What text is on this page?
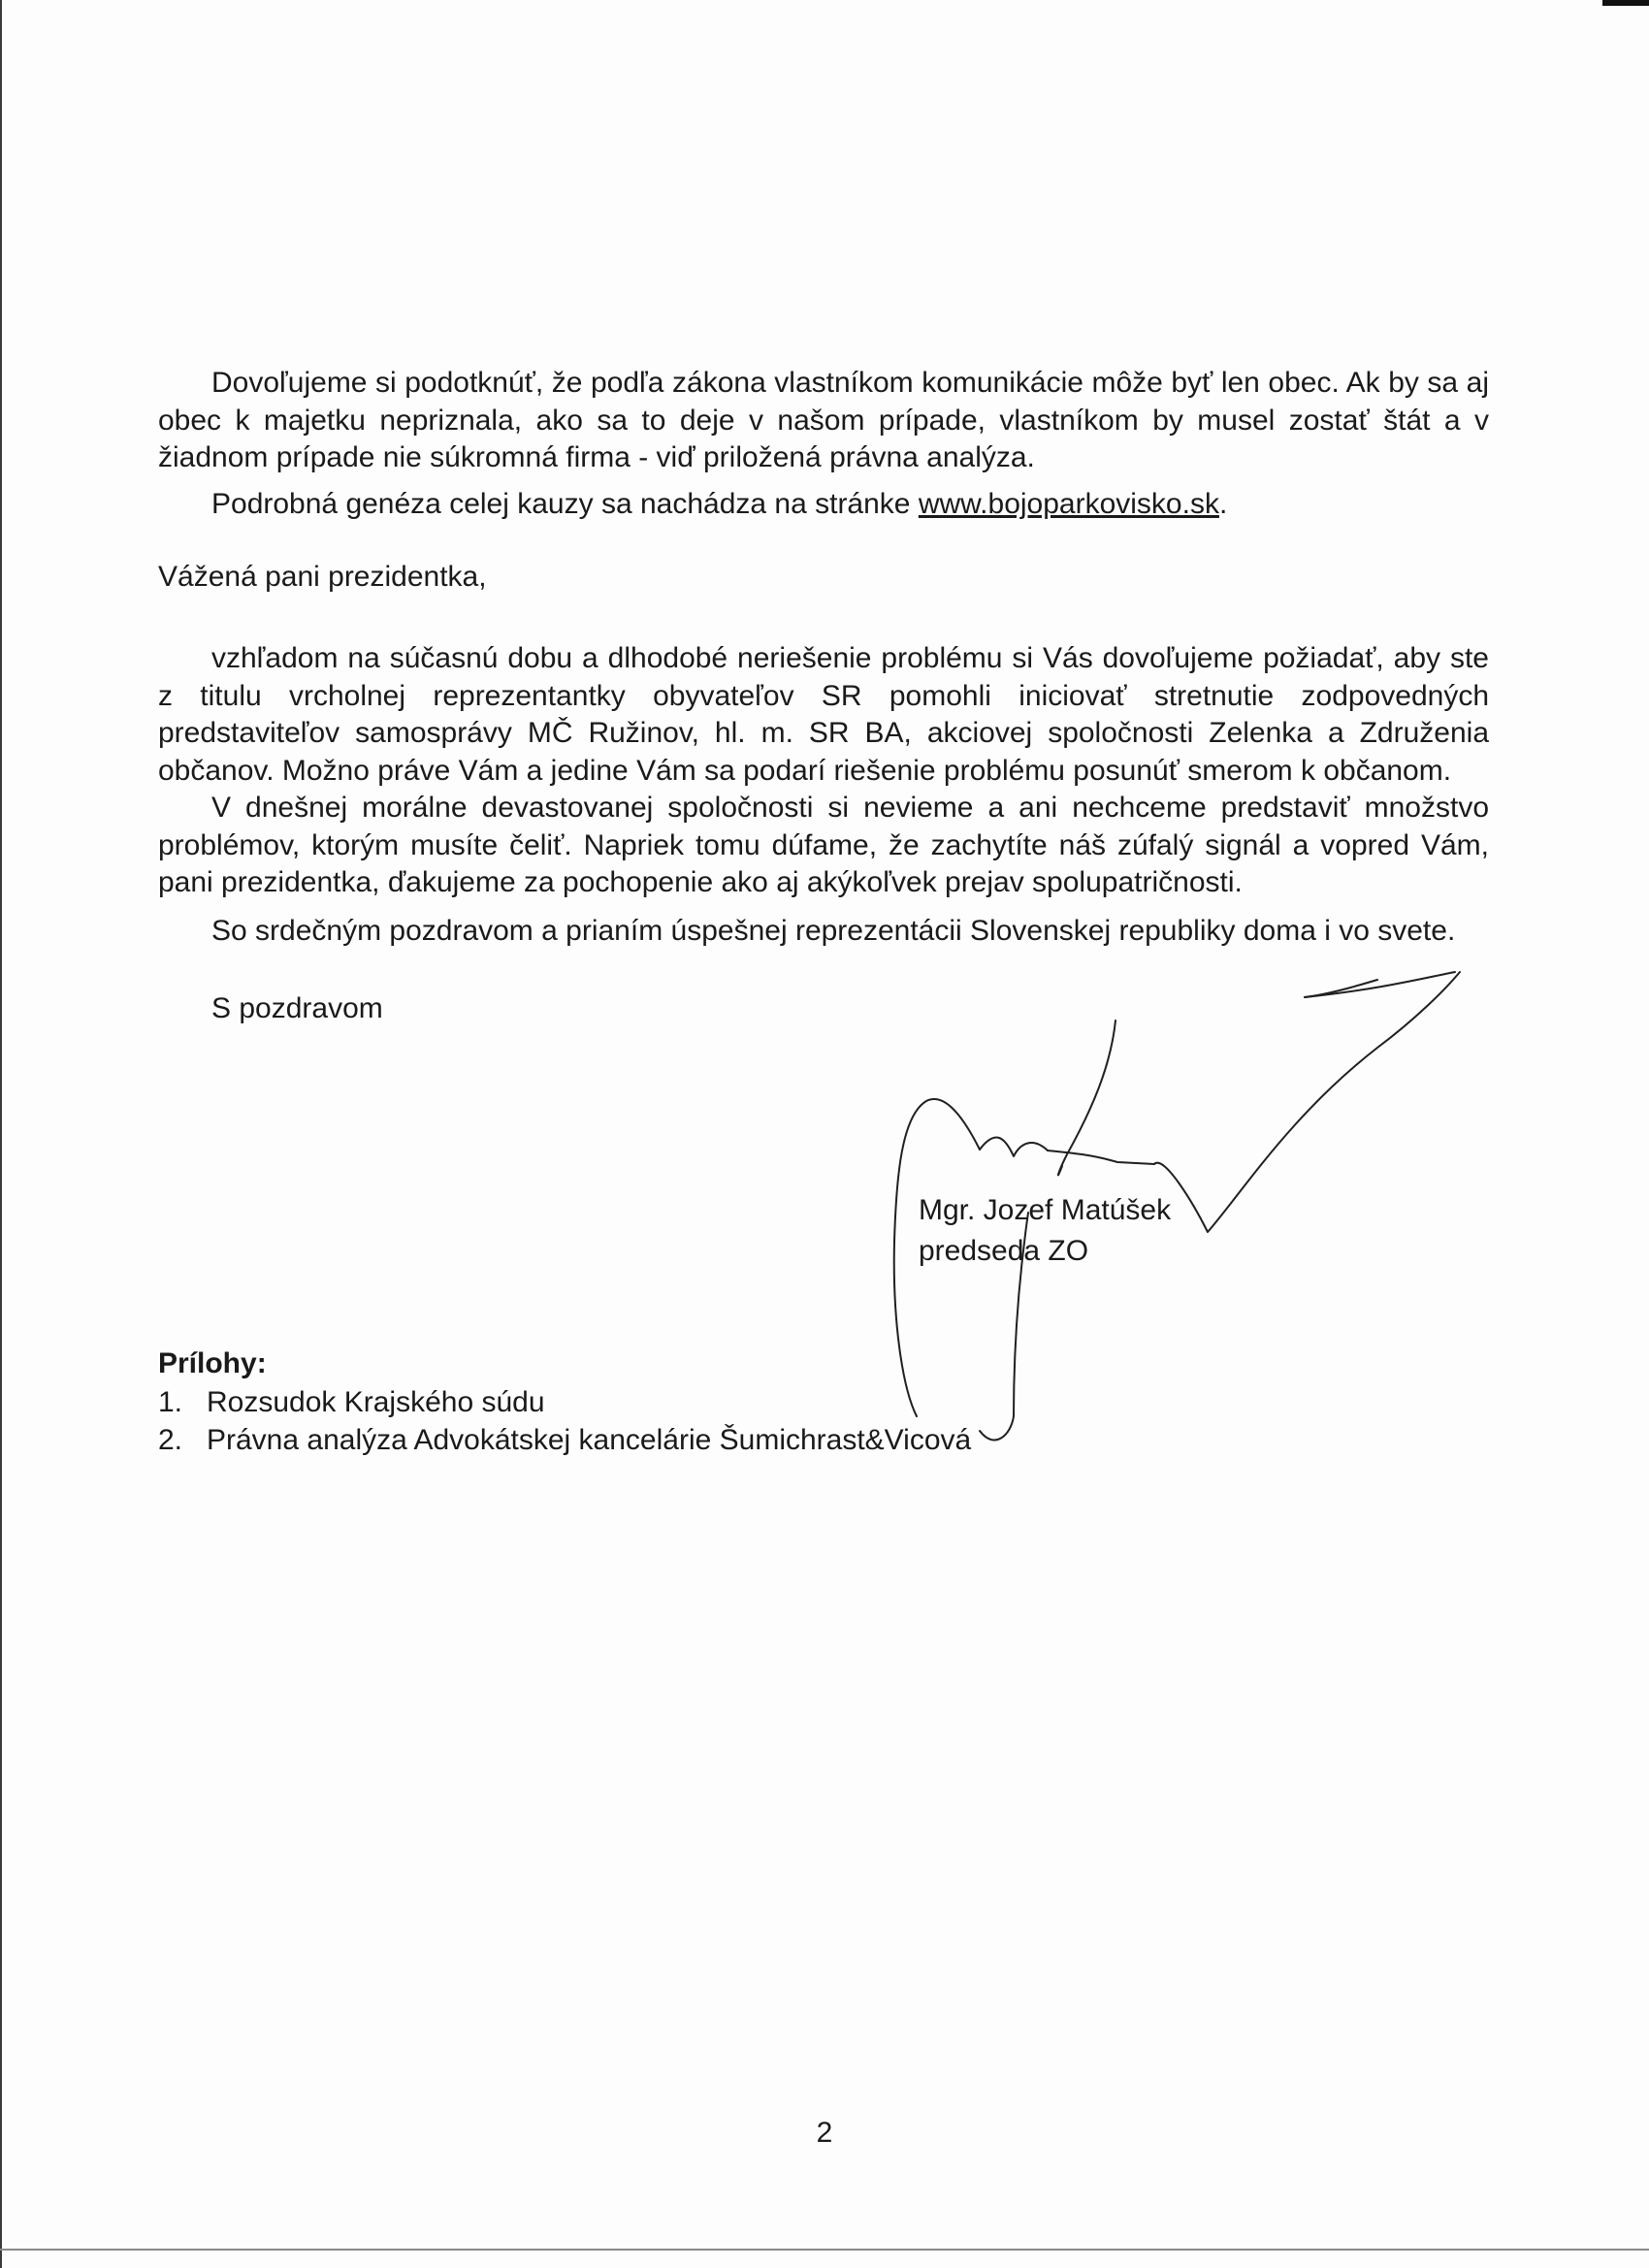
Dovoľujeme si podotknúť, že podľa zákona vlastníkom komunikácie môže byť len obec. Ak by sa aj obec k majetku nepriznala, ako sa to deje v našom prípade, vlastníkom by musel zostať štát a v žiadnom prípade nie súkromná firma - viď priložená právna analýza.

Podrobná genéza celej kauzy sa nachádza na stránke www.bojoparkovisko.sk.

Vážená pani prezidentka,

vzhľadom na súčasnú dobu a dlhodobé neriešenie problému si Vás dovoľujeme požiadať, aby ste z titulu vrcholnej reprezentantky obyvateľov SR pomohli iniciovať stretnutie zodpovedných predstaviteľov samosprávy MČ Ružinov, hl. m. SR BA, akciovej spoločnosti Zelenka a Združenia občanov. Možno práve Vám a jedine Vám sa podarí riešenie problému posunúť smerom k občanom.

V dnešnej morálne devastovanej spoločnosti si nevieme a ani nechceme predstaviť množstvo problémov, ktorým musíte čeliť. Napriek tomu dúfame, že zachytíte náš zúfalý signál a vopred Vám, pani prezidentka, ďakujeme za pochopenie ako aj akýkoľvek prejav spolupatričnosti.

So srdečným pozdravom a prianím úspešnej reprezentácii Slovenskej republiky doma i vo svete.

S pozdravom

Mgr. Jozef Matúšek
predseda ZO
Prílohy:
1. Rozsudok Krajského súdu
2. Právna analýza Advokátskej kancelárie Šumichrast&Vicová
2
